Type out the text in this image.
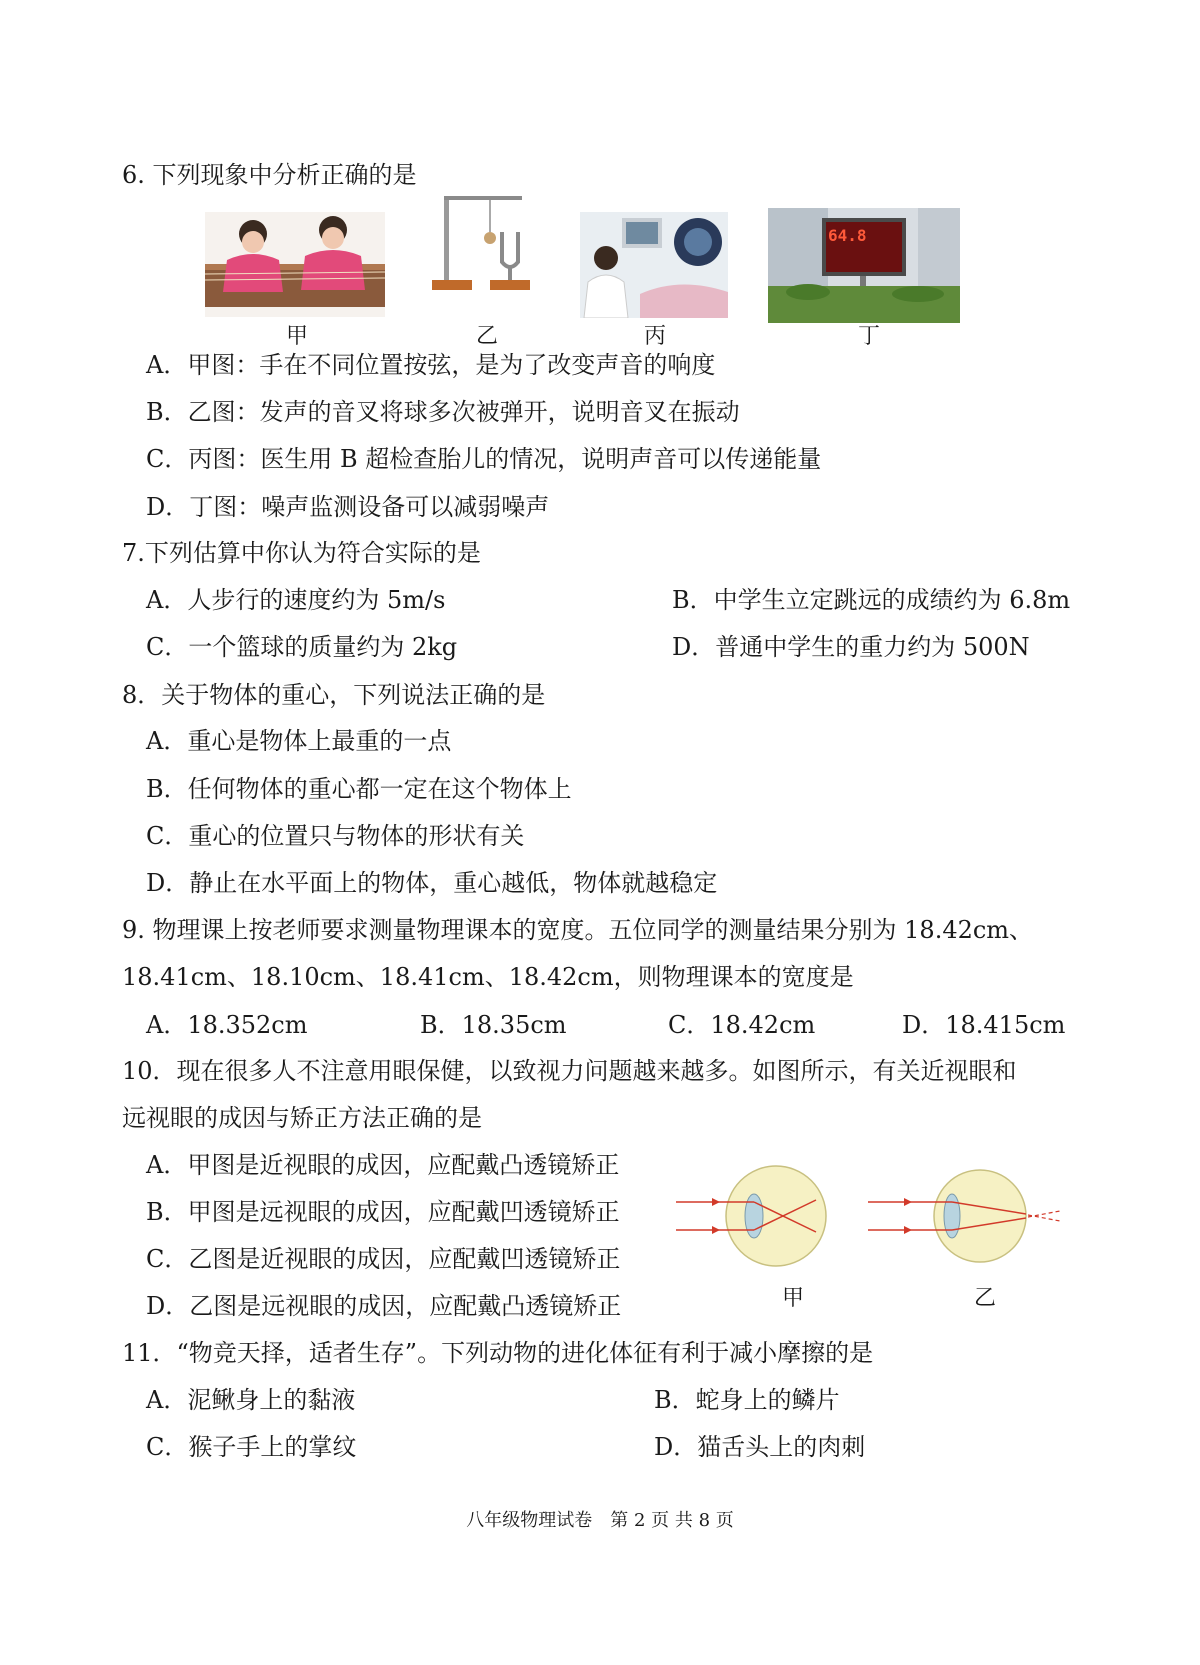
6. 下列现象中分析正确的是
64.8
甲	乙	丙	丁
A．甲图：手在不同位置按弦，是为了改变声音的响度
B．乙图：发声的音叉将球多次被弹开，说明音叉在振动
C．丙图：医生用 B 超检查胎儿的情况，说明声音可以传递能量
D．丁图：噪声监测设备可以减弱噪声
7.下列估算中你认为符合实际的是
A．人步行的速度约为 5m/s	B．中学生立定跳远的成绩约为 6.8m
C．一个篮球的质量约为 2kg	D．普通中学生的重力约为 500N
8．关于物体的重心，下列说法正确的是
A．重心是物体上最重的一点
B．任何物体的重心都一定在这个物体上
C．重心的位置只与物体的形状有关
D．静止在水平面上的物体，重心越低，物体就越稳定
9. 物理课上按老师要求测量物理课本的宽度。五位同学的测量结果分别为 18.42cm、
18.41cm、18.10cm、18.41cm、18.42cm，则物理课本的宽度是
A．18.352cm	B．18.35cm	C．18.42cm	D．18.415cm
10．现在很多人不注意用眼保健，以致视力问题越来越多。如图所示，有关近视眼和
远视眼的成因与矫正方法正确的是
A．甲图是近视眼的成因，应配戴凸透镜矫正
B．甲图是远视眼的成因，应配戴凹透镜矫正
C．乙图是近视眼的成因，应配戴凹透镜矫正
D．乙图是远视眼的成因，应配戴凸透镜矫正	甲	乙
11．“物竞天择，适者生存”。下列动物的进化体征有利于减小摩擦的是
A．泥鳅身上的黏液	B．蛇身上的鳞片
C．猴子手上的掌纹	D．猫舌头上的肉刺
八年级物理试卷　第 2 页 共 8 页
